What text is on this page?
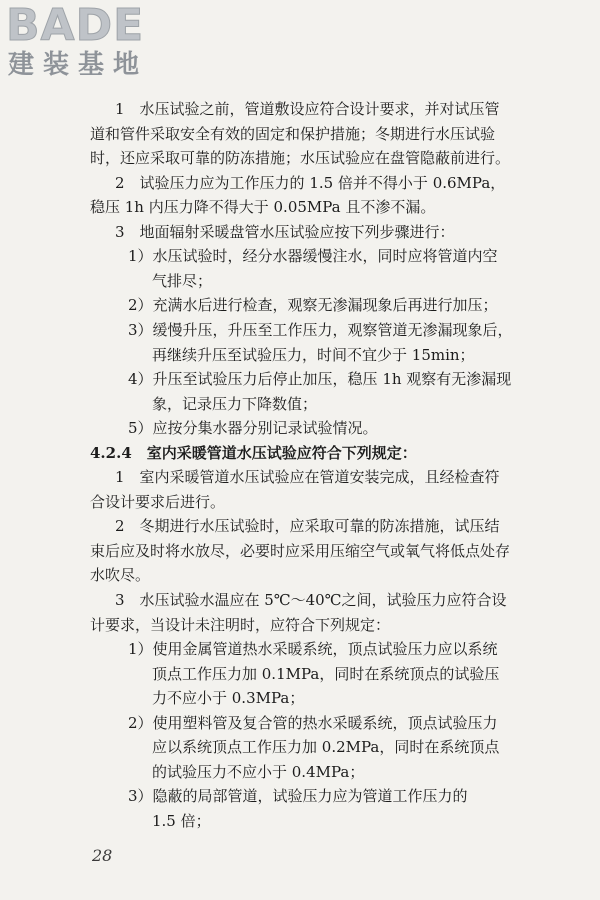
BADE
建装基地
1　水压试验之前，管道敷设应符合设计要求，并对试压管
道和管件采取安全有效的固定和保护措施；冬期进行水压试验
时，还应采取可靠的防冻措施；水压试验应在盘管隐蔽前进行。
2　试验压力应为工作压力的 1.5 倍并不得小于 0.6MPa，
稳压 1h 内压力降不得大于 0.05MPa 且不渗不漏。
3　地面辐射采暖盘管水压试验应按下列步骤进行：
1）水压试验时，经分水器缓慢注水，同时应将管道内空
气排尽；
2）充满水后进行检查，观察无渗漏现象后再进行加压；
3）缓慢升压，升压至工作压力，观察管道无渗漏现象后，
再继续升压至试验压力，时间不宜少于 15min；
4）升压至试验压力后停止加压，稳压 1h 观察有无渗漏现
象，记录压力下降数值；
5）应按分集水器分别记录试验情况。
4.2.4　室内采暖管道水压试验应符合下列规定：
1　室内采暖管道水压试验应在管道安装完成，且经检查符
合设计要求后进行。
2　冬期进行水压试验时，应采取可靠的防冻措施，试压结
束后应及时将水放尽，必要时应采用压缩空气或氧气将低点处存
水吹尽。
3　水压试验水温应在 5℃～40℃之间，试验压力应符合设
计要求，当设计未注明时，应符合下列规定：
1）使用金属管道热水采暖系统，顶点试验压力应以系统
顶点工作压力加 0.1MPa，同时在系统顶点的试验压
力不应小于 0.3MPa；
2）使用塑料管及复合管的热水采暖系统，顶点试验压力
应以系统顶点工作压力加 0.2MPa，同时在系统顶点
的试验压力不应小于 0.4MPa；
3）隐蔽的局部管道，试验压力应为管道工作压力的
1.5 倍；
28
